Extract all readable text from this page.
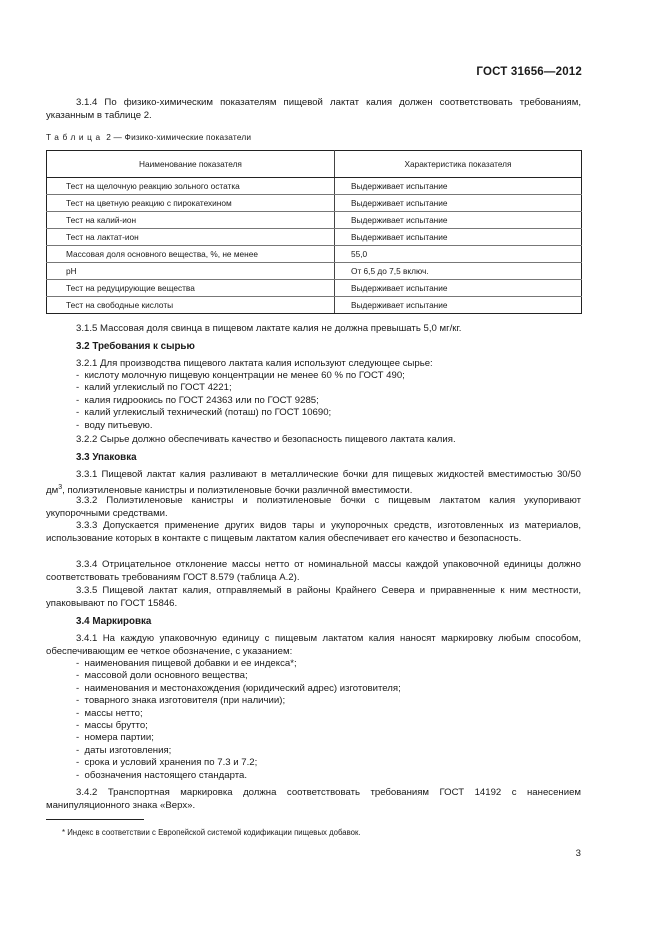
ГОСТ 31656—2012
3.1.4 По физико-химическим показателям пищевой лактат калия должен соответствовать требованиям, указанным в таблице 2.
Таблица 2 — Физико-химические показатели
Наименование показателя	Характеристика показателя
Тест на щелочную реакцию зольного остатка	Выдерживает испытание
Тест на цветную реакцию с пирокатехином	Выдерживает испытание
Тест на калий-ион	Выдерживает испытание
Тест на лактат-ион	Выдерживает испытание
Массовая доля основного вещества, %, не менее	55,0
pH	От 6,5 до 7,5 включ.
Тест на редуцирующие вещества	Выдерживает испытание
Тест на свободные кислоты	Выдерживает испытание
3.1.5 Массовая доля свинца в пищевом лактате калия не должна превышать 5,0 мг/кг.
3.2 Требования к сырью
3.2.1 Для производства пищевого лактата калия используют следующее сырье:
-  кислоту молочную пищевую концентрации не менее 60 % по ГОСТ 490;
-  калий углекислый по ГОСТ 4221;
-  калия гидроокись по ГОСТ 24363 или по ГОСТ 9285;
-  калий углекислый технический (поташ) по ГОСТ 10690;
-  воду питьевую.
3.2.2 Сырье должно обеспечивать качество и безопасность пищевого лактата калия.
3.3 Упаковка
3.3.1 Пищевой лактат калия разливают в металлические бочки для пищевых жидкостей вместимостью 30/50 $дм^3$, полиэтиленовые канистры и полиэтиленовые бочки различной вместимости.
3.3.2 Полиэтиленовые канистры и полиэтиленовые бочки с пищевым лактатом калия укупоривают укупорочными средствами.
3.3.3 Допускается применение других видов тары и укупорочных средств, изготовленных из материалов, использование которых в контакте с пищевым лактатом калия обеспечивает его качество и безопасность.
3.3.4 Отрицательное отклонение массы нетто от номинальной массы каждой упаковочной единицы должно соответствовать требованиям ГОСТ 8.579 (таблица А.2).
3.3.5 Пищевой лактат калия, отправляемый в районы Крайнего Севера и приравненные к ним местности, упаковывают по ГОСТ 15846.
3.4 Маркировка
3.4.1 На каждую упаковочную единицу с пищевым лактатом калия наносят маркировку любым способом, обеспечивающим ее четкое обозначение, с указанием:
-  наименования пищевой добавки и ее индекса*;
-  массовой доли основного вещества;
-  наименования и местонахождения (юридический адрес) изготовителя;
-  товарного знака изготовителя (при наличии);
-  массы нетто;
-  массы брутто;
-  номера партии;
-  даты изготовления;
-  срока и условий хранения по 7.3 и 7.2;
-  обозначения настоящего стандарта.
3.4.2 Транспортная маркировка должна соответствовать требованиям ГОСТ 14192 с нанесением манипуляционного знака «Верх».
* Индекс в соответствии с Европейской системой кодификации пищевых добавок.
3
